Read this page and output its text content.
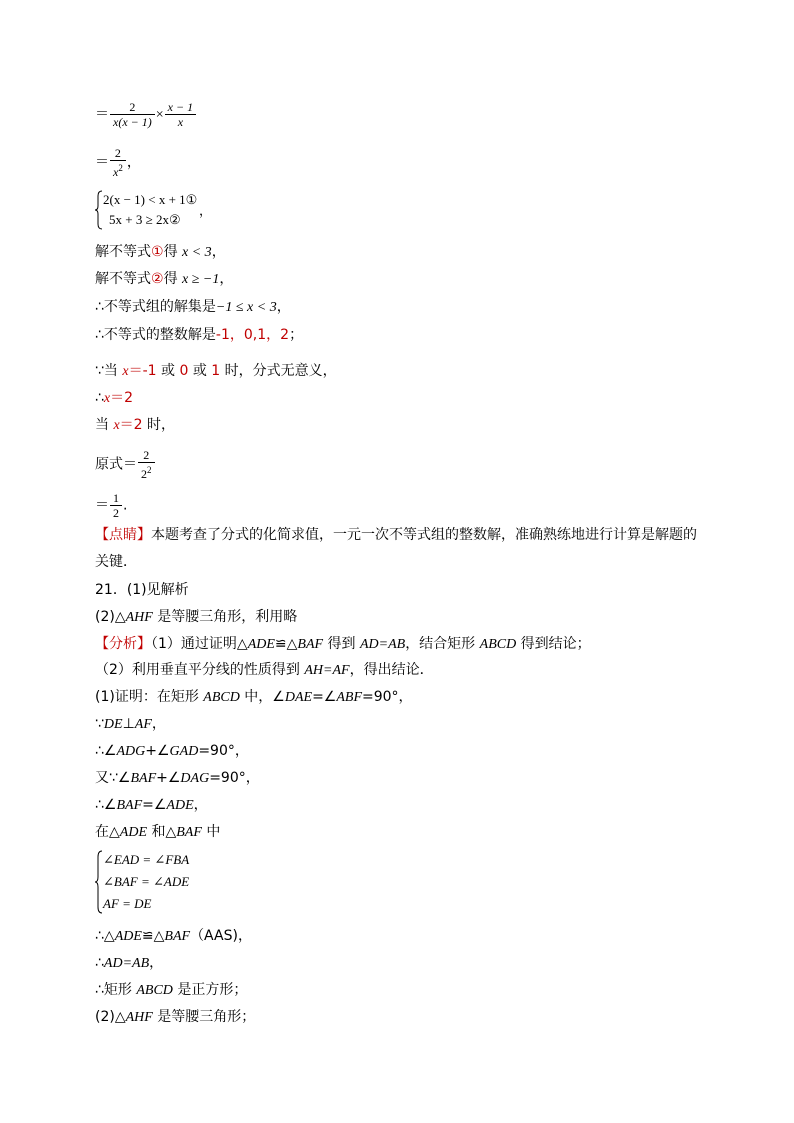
＝ $\frac{2}{x(x - 1)} \times \frac{x - 1}{x}$
＝ $\frac{2}{x^2}$ ，
2(x − 1) < x + 1①
5x + 3 ≥ 2x②
，
解不等式①得 x < 3，
解不等式②得 x ≥ −1，
∴不等式组的解集是−1 ≤ x < 3，
∴不等式的整数解是-1，0,1，2；
∵当 x＝-1 或 0 或 1 时，分式无意义，
∴x＝2
当 x＝2 时，
原式＝ $\frac{2}{2^2}$
＝ $\frac{1}{2}$ .
【点睛】本题考查了分式的化简求值，一元一次不等式组的整数解，准确熟练地进行计算是解题的
关键．
21．(1)见解析
(2)△AHF 是等腰三角形，利用略
【分析】（1）通过证明△ADE≌△BAF 得到 AD=AB，结合矩形 ABCD 得到结论；
（2）利用垂直平分线的性质得到 AH=AF，得出结论．
(1)证明：在矩形 ABCD 中，∠DAE=∠ABF=90°，
∵DE⊥AF，
∴∠ADG+∠GAD=90°，
又∵∠BAF+∠DAG=90°，
∴∠BAF=∠ADE，
在△ADE 和△BAF 中
∠EAD = ∠FBA
∠BAF = ∠ADE
AF = DE
∴△ADE≌△BAF（AAS)，
∴AD=AB，
∴矩形 ABCD 是正方形；
(2)△AHF 是等腰三角形；
